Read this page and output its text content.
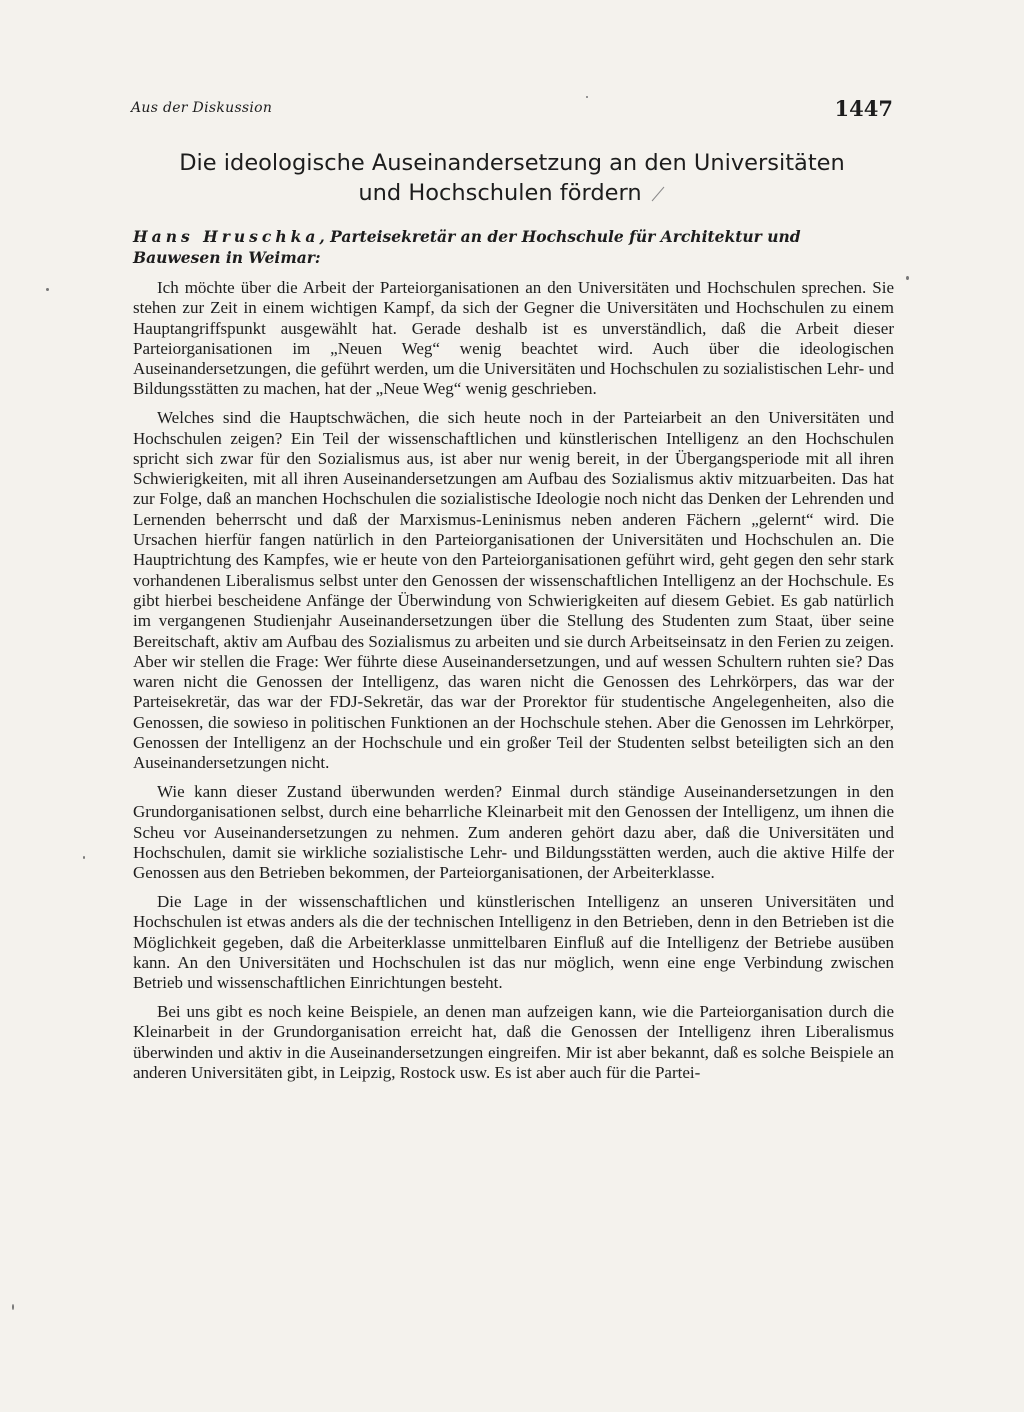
Aus der Diskussion	1447
Die ideologische Auseinandersetzung an den Universitäten
und Hochschulen fördern
Hans Hruschka, Parteisekretär an der Hochschule für Architektur und Bauwesen in Weimar:

Ich möchte über die Arbeit der Parteiorganisationen an den Universitäten und Hochschulen sprechen. Sie stehen zur Zeit in einem wichtigen Kampf, da sich der Gegner die Universitäten und Hochschulen zu einem Hauptangriffspunkt ausgewählt hat. Gerade deshalb ist es unverständlich, daß die Arbeit dieser Parteiorganisationen im „Neuen Weg“ wenig beachtet wird. Auch über die ideologischen Auseinandersetzungen, die geführt werden, um die Universitäten und Hochschulen zu sozialistischen Lehr- und Bildungsstätten zu machen, hat der „Neue Weg“ wenig geschrieben.

Welches sind die Hauptschwächen, die sich heute noch in der Parteiarbeit an den Universitäten und Hochschulen zeigen? Ein Teil der wissenschaftlichen und künstlerischen Intelligenz an den Hochschulen spricht sich zwar für den Sozialismus aus, ist aber nur wenig bereit, in der Übergangsperiode mit all ihren Schwierigkeiten, mit all ihren Auseinandersetzungen am Aufbau des Sozialismus aktiv mitzuarbeiten. Das hat zur Folge, daß an manchen Hochschulen die sozialistische Ideologie noch nicht das Denken der Lehrenden und Lernenden beherrscht und daß der Marxismus-Leninismus neben anderen Fächern „gelernt“ wird. Die Ursachen hierfür fangen natürlich in den Parteiorganisationen der Universitäten und Hochschulen an. Die Hauptrichtung des Kampfes, wie er heute von den Parteiorganisationen geführt wird, geht gegen den sehr stark vorhandenen Liberalismus selbst unter den Genossen der wissenschaftlichen Intelligenz an der Hochschule. Es gibt hierbei bescheidene Anfänge der Überwindung von Schwierigkeiten auf diesem Gebiet. Es gab natürlich im vergangenen Studienjahr Auseinandersetzungen über die Stellung des Studenten zum Staat, über seine Bereitschaft, aktiv am Aufbau des Sozialismus zu arbeiten und sie durch Arbeitseinsatz in den Ferien zu zeigen. Aber wir stellen die Frage: Wer führte diese Auseinandersetzungen, und auf wessen Schultern ruhten sie? Das waren nicht die Genossen der Intelligenz, das waren nicht die Genossen des Lehrkörpers, das war der Parteisekretär, das war der FDJ-Sekretär, das war der Prorektor für studentische Angelegenheiten, also die Genossen, die sowieso in politischen Funktionen an der Hochschule stehen. Aber die Genossen im Lehrkörper, Genossen der Intelligenz an der Hochschule und ein großer Teil der Studenten selbst beteiligten sich an den Auseinandersetzungen nicht.

Wie kann dieser Zustand überwunden werden? Einmal durch ständige Auseinandersetzungen in den Grundorganisationen selbst, durch eine beharrliche Kleinarbeit mit den Genossen der Intelligenz, um ihnen die Scheu vor Auseinandersetzungen zu nehmen. Zum anderen gehört dazu aber, daß die Universitäten und Hochschulen, damit sie wirkliche sozialistische Lehr- und Bildungsstätten werden, auch die aktive Hilfe der Genossen aus den Betrieben bekommen, der Parteiorganisationen, der Arbeiterklasse.

Die Lage in der wissenschaftlichen und künstlerischen Intelligenz an unseren Universitäten und Hochschulen ist etwas anders als die der technischen Intelligenz in den Betrieben, denn in den Betrieben ist die Möglichkeit gegeben, daß die Arbeiterklasse unmittelbaren Einfluß auf die Intelligenz der Betriebe ausüben kann. An den Universitäten und Hochschulen ist das nur möglich, wenn eine enge Verbindung zwischen Betrieb und wissenschaftlichen Einrichtungen besteht.

Bei uns gibt es noch keine Beispiele, an denen man aufzeigen kann, wie die Parteiorganisation durch die Kleinarbeit in der Grundorganisation erreicht hat, daß die Genossen der Intelligenz ihren Liberalismus überwinden und aktiv in die Auseinandersetzungen eingreifen. Mir ist aber bekannt, daß es solche Beispiele an anderen Universitäten gibt, in Leipzig, Rostock usw. Es ist aber auch für die Partei-
